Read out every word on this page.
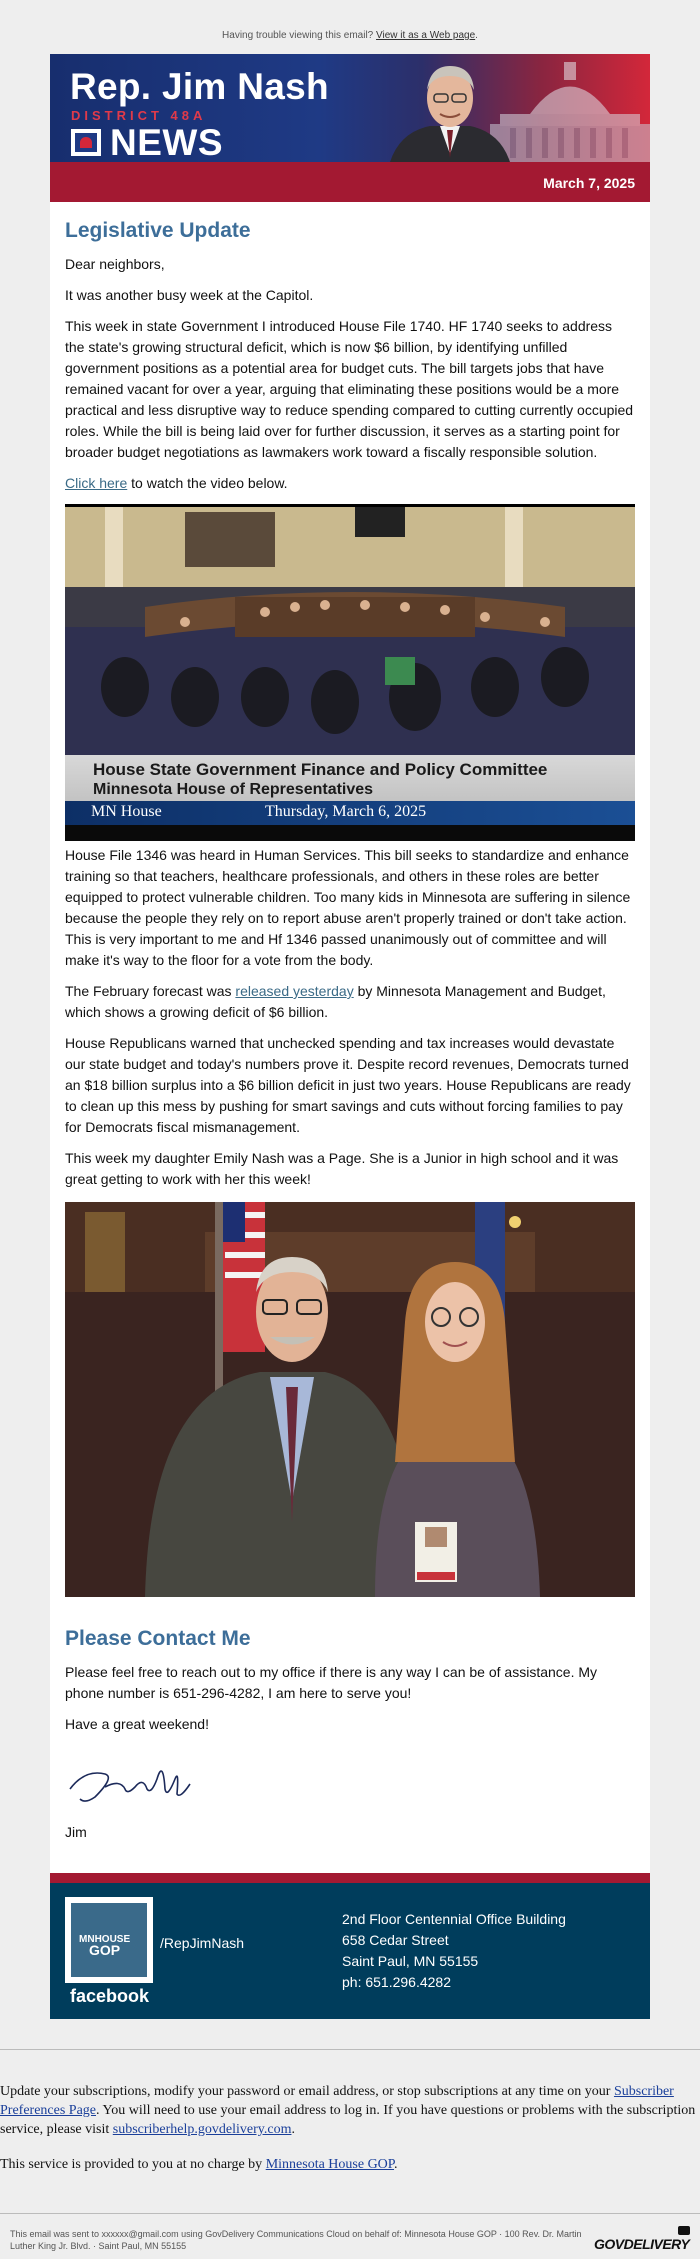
Having trouble viewing this email? View it as a Web page.
Rep. Jim Nash
DISTRICT 48A
NEWS
March 7, 2025
Legislative Update

Dear neighbors,

It was another busy week at the Capitol.

This week in state Government I introduced House File 1740. HF 1740 seeks to address the state's growing structural deficit, which is now $6 billion, by identifying unfilled government positions as a potential area for budget cuts. The bill targets jobs that have remained vacant for over a year, arguing that eliminating these positions would be a more practical and less disruptive way to reduce spending compared to cutting currently occupied roles. While the bill is being laid over for further discussion, it serves as a starting point for broader budget negotiations as lawmakers work toward a fiscally responsible solution.

Click here to watch the video below.

House State Government Finance and Policy Committee
Minnesota House of Representatives
MN House	Thursday, March 6, 2025

House File 1346 was heard in Human Services. This bill seeks to standardize and enhance training so that teachers, healthcare professionals, and others in these roles are better equipped to protect vulnerable children. Too many kids in Minnesota are suffering in silence because the people they rely on to report abuse aren't properly trained or don't take action. This is very important to me and Hf 1346 passed unanimously out of committee and will make it's way to the floor for a vote from the body.

The February forecast was released yesterday by Minnesota Management and Budget, which shows a growing deficit of $6 billion.

House Republicans warned that unchecked spending and tax increases would devastate our state budget and today's numbers prove it. Despite record revenues, Democrats turned an $18 billion surplus into a $6 billion deficit in just two years. House Republicans are ready to clean up this mess by pushing for smart savings and cuts without forcing families to pay for Democrats fiscal mismanagement.

This week my daughter Emily Nash was a Page. She is a Junior in high school and it was great getting to work with her this week!

Please Contact Me

Please feel free to reach out to my office if there is any way I can be of assistance. My phone number is 651-296-4282, I am here to serve you!

Have a great weekend!

Jim

MNHOUSE
GOP
facebook
/RepJimNash
2nd Floor Centennial Office Building
658 Cedar Street
Saint Paul, MN 55155
ph: 651.296.4282

Update your subscriptions, modify your password or email address, or stop subscriptions at any time on your Subscriber Preferences Page. You will need to use your email address to log in. If you have questions or problems with the subscription service, please visit subscriberhelp.govdelivery.com.

This service is provided to you at no charge by Minnesota House GOP.

This email was sent to xxxxxx@gmail.com using GovDelivery Communications Cloud on behalf of: Minnesota House GOP · 100 Rev. Dr. Martin Luther King Jr. Blvd. · Saint Paul, MN 55155	GOVDELIVERY
